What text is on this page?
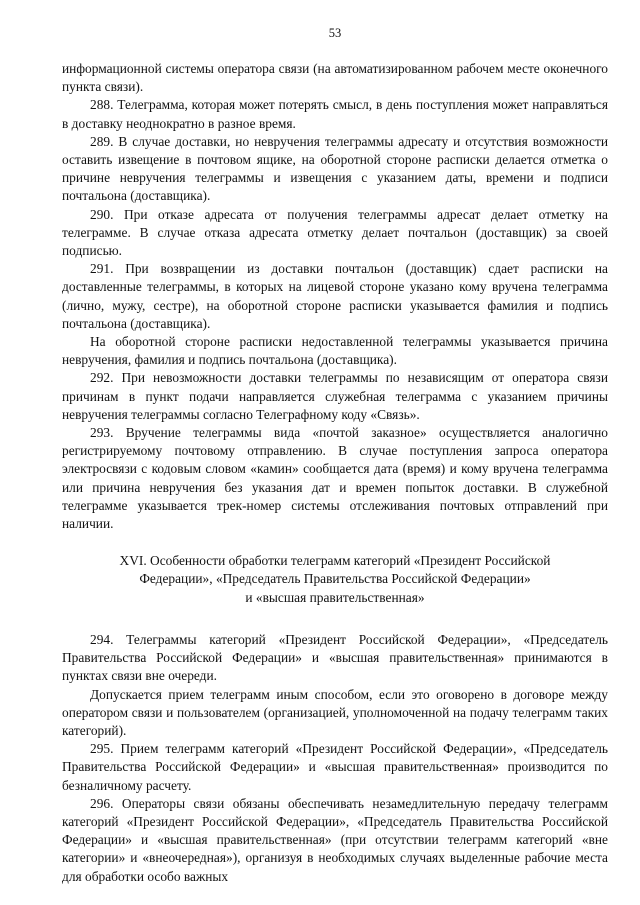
53

информационной системы оператора связи (на автоматизированном рабочем месте оконечного пункта связи).

288. Телеграмма, которая может потерять смысл, в день поступления может направляться в доставку неоднократно в разное время.

289. В случае доставки, но невручения телеграммы адресату и отсутствия возможности оставить извещение в почтовом ящике, на оборотной стороне расписки делается отметка о причине невручения телеграммы и извещения с указанием даты, времени и подписи почтальона (доставщика).

290. При отказе адресата от получения телеграммы адресат делает отметку на телеграмме. В случае отказа адресата отметку делает почтальон (доставщик) за своей подписью.

291. При возвращении из доставки почтальон (доставщик) сдает расписки на доставленные телеграммы, в которых на лицевой стороне указано кому вручена телеграмма (лично, мужу, сестре), на оборотной стороне расписки указывается фамилия и подпись почтальона (доставщика).

На оборотной стороне расписки недоставленной телеграммы указывается причина невручения, фамилия и подпись почтальона (доставщика).

292. При невозможности доставки телеграммы по независящим от оператора связи причинам в пункт подачи направляется служебная телеграмма с указанием причины невручения телеграммы согласно Телеграфному коду «Связь».

293. Вручение телеграммы вида «почтой заказное» осуществляется аналогично регистрируемому почтовому отправлению. В случае поступления запроса оператора электросвязи с кодовым словом «камин» сообщается дата (время) и кому вручена телеграмма или причина невручения без указания дат и времен попыток доставки. В служебной телеграмме указывается трек-номер системы отслеживания почтовых отправлений при наличии.

XVI. Особенности обработки телеграмм категорий «Президент Российской
Федерации», «Председатель Правительства Российской Федерации»
и «высшая правительственная»

294. Телеграммы категорий «Президент Российской Федерации», «Председатель Правительства Российской Федерации» и «высшая правительственная» принимаются в пунктах связи вне очереди.

Допускается прием телеграмм иным способом, если это оговорено в договоре между оператором связи и пользователем (организацией, уполномоченной на подачу телеграмм таких категорий).

295. Прием телеграмм категорий «Президент Российской Федерации», «Председатель Правительства Российской Федерации» и «высшая правительственная» производится по безналичному расчету.

296. Операторы связи обязаны обеспечивать незамедлительную передачу телеграмм категорий «Президент Российской Федерации», «Председатель Правительства Российской Федерации» и «высшая правительственная» (при отсутствии телеграмм категорий «вне категории» и «внеочередная»), организуя в необходимых случаях выделенные рабочие места для обработки особо важных
